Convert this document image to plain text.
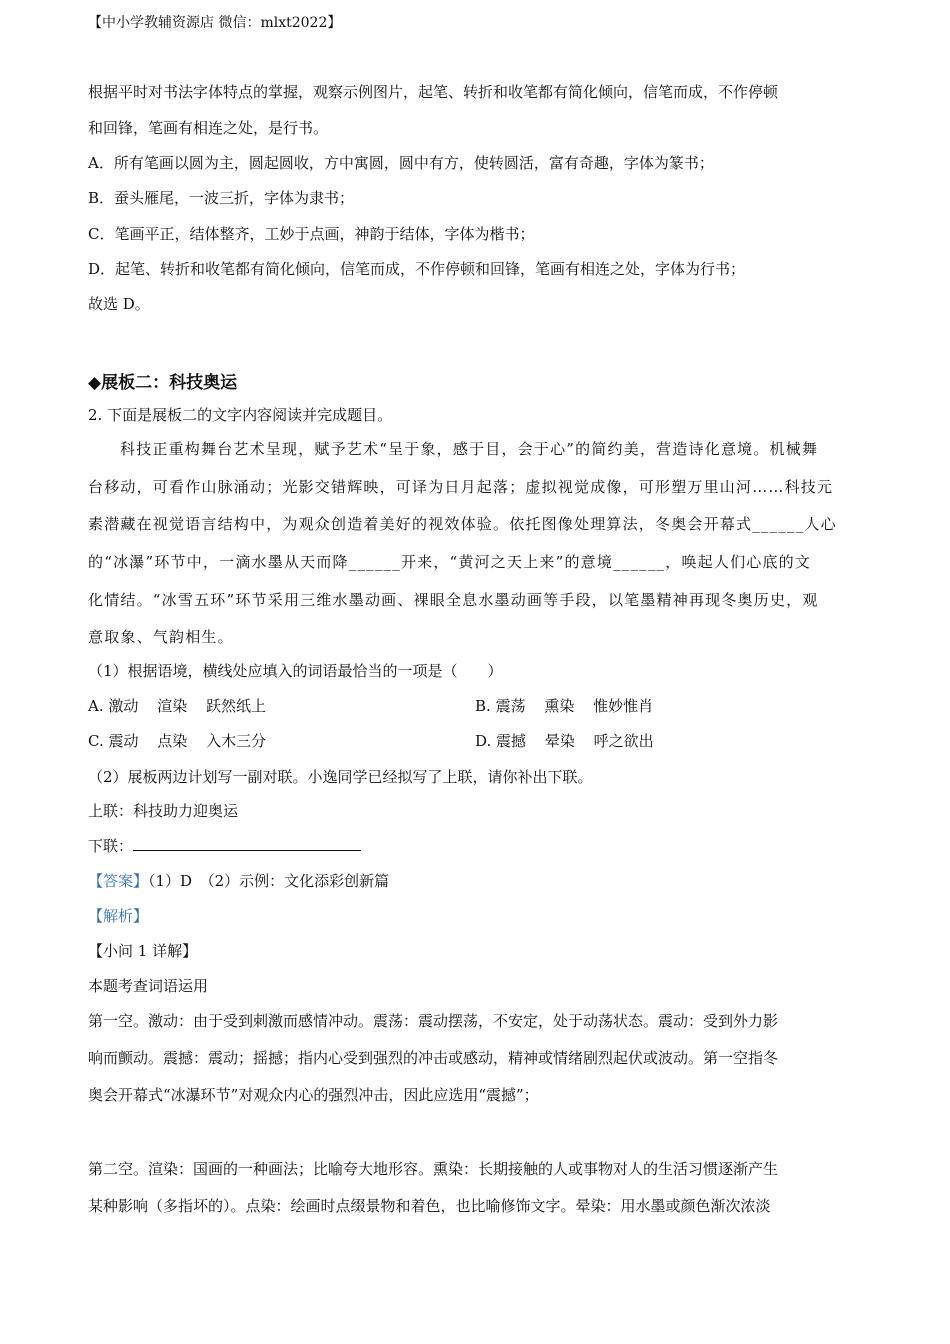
【中小学教辅资源店 微信：mlxt2022】
根据平时对书法字体特点的掌握，观察示例图片，起笔、转折和收笔都有简化倾向，信笔而成，不作停顿
和回锋，笔画有相连之处，是行书。
A．所有笔画以圆为主，圆起圆收，方中寓圆，圆中有方，使转圆活，富有奇趣，字体为篆书；
B．蚕头雁尾，一波三折，字体为隶书；
C．笔画平正，结体整齐，工妙于点画，神韵于结体，字体为楷书；
D．起笔、转折和收笔都有简化倾向，信笔而成，不作停顿和回锋，笔画有相连之处，字体为行书；
故选 D。
◆展板二：科技奥运
2. 下面是展板二的文字内容阅读并完成题目。
科技正重构舞台艺术呈现，赋予艺术“呈于象，感于目，会于心”的简约美，营造诗化意境。机械舞
台移动，可看作山脉涌动；光影交错辉映，可译为日月起落；虚拟视觉成像，可形塑万里山河……科技元
素潜藏在视觉语言结构中，为观众创造着美好的视效体验。依托图像处理算法，冬奥会开幕式______人心
的“冰瀑”环节中，一滴水墨从天而降______开来，“黄河之天上来”的意境______，唤起人们心底的文
化情结。“冰雪五环”环节采用三维水墨动画、裸眼全息水墨动画等手段，以笔墨精神再现冬奥历史，观
意取象、气韵相生。
（1）根据语境，横线处应填入的词语最恰当的一项是（　　）
A. 激动 渲染 跃然纸上	B. 震荡 熏染 惟妙惟肖
C. 震动 点染 入木三分	D. 震撼 晕染 呼之欲出
（2）展板两边计划写一副对联。小逸同学已经拟写了上联，请你补出下联。
上联：科技助力迎奥运
下联：
【答案】（1）D　（2）示例：文化添彩创新篇
【解析】
【小问 1 详解】
本题考查词语运用
第一空。激动：由于受到刺激而感情冲动。震荡：震动摆荡，不安定，处于动荡状态。震动：受到外力影
响而颤动。震撼：震动；摇撼；指内心受到强烈的冲击或感动，精神或情绪剧烈起伏或波动。第一空指冬
奥会开幕式“冰瀑环节”对观众内心的强烈冲击，因此应选用“震撼”；
第二空。渲染：国画的一种画法；比喻夸大地形容。熏染：长期接触的人或事物对人的生活习惯逐渐产生
某种影响（多指坏的）。点染：绘画时点缀景物和着色，也比喻修饰文字。晕染：用水墨或颜色渐次浓淡
